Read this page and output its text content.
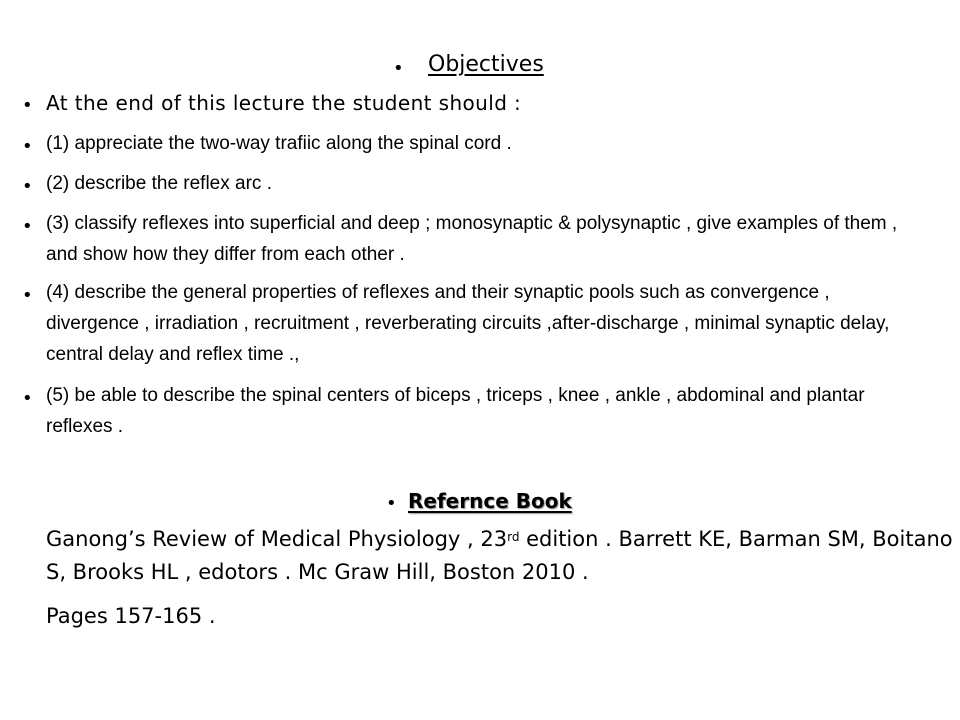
• Objectives
• At the end of this lecture the student should :
• (1) appreciate the two-way trafiic along the spinal cord .
• (2) describe the reflex arc .
• (3) classify reflexes into superficial and deep ; monosynaptic & polysynaptic , give examples of them , and show how they differ from each other .
• (4) describe the general properties of reflexes and their synaptic pools such as convergence , divergence , irradiation , recruitment , reverberating circuits ,after-discharge , minimal synaptic delay, central delay and reflex time .,
• (5) be able to describe the spinal centers of biceps , triceps , knee , ankle , abdominal and plantar reflexes .
• Refernce Book
• Ganong’s Review of Medical Physiology , 23rd edition . Barrett KE, Barman SM, Boitano S, Brooks HL , edotors . Mc Graw Hill, Boston 2010 .
• Pages 157-165 .
